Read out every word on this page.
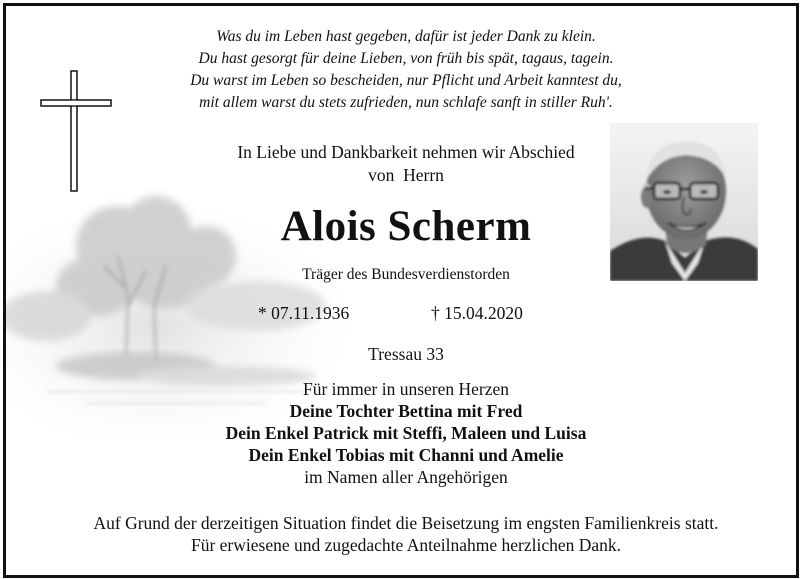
Was du im Leben hast gegeben, dafür ist jeder Dank zu klein.
Du hast gesorgt für deine Lieben, von früh bis spät, tagaus, tagein.
Du warst im Leben so bescheiden, nur Pflicht und Arbeit kanntest du,
mit allem warst du stets zufrieden, nun schlafe sanft in stiller Ruh'.
In Liebe und Dankbarkeit nehmen wir Abschied
von  Herrn
Alois Scherm
Träger des Bundesverdienstorden
* 07.11.1936	† 15.04.2020
Tressau 33
Für immer in unseren Herzen
Deine Tochter Bettina mit Fred
Dein Enkel Patrick mit Steffi, Maleen und Luisa
Dein Enkel Tobias mit Channi und Amelie
im Namen aller Angehörigen
Auf Grund der derzeitigen Situation findet die Beisetzung im engsten Familienkreis statt.
Für erwiesene und zugedachte Anteilnahme herzlichen Dank.
